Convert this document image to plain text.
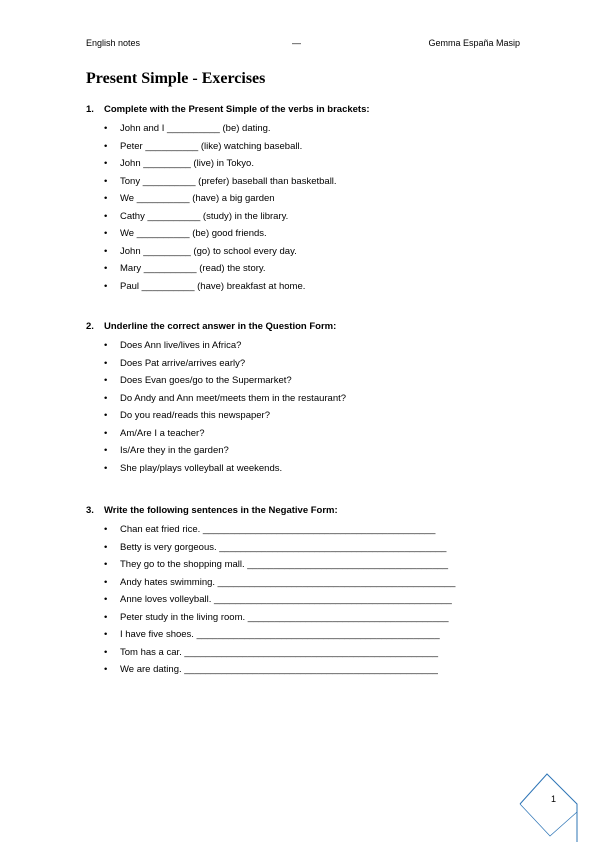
English notes	—	Gemma España Masip
Present Simple - Exercises
1. Complete with the Present Simple of the verbs in brackets:
• John and I __________ (be) dating.
• Peter __________ (like) watching baseball.
• John _________ (live) in Tokyo.
• Tony __________ (prefer) baseball than basketball.
• We __________ (have) a big garden
• Cathy __________ (study) in the library.
• We __________ (be) good friends.
• John _________ (go) to school every day.
• Mary __________ (read) the story.
• Paul __________ (have) breakfast at home.
2. Underline the correct answer in the Question Form:
• Does Ann live/lives in Africa?
• Does Pat arrive/arrives early?
• Does Evan goes/go to the Supermarket?
• Do Andy and Ann meet/meets them in the restaurant?
• Do you read/reads this newspaper?
• Am/Are I a teacher?
• Is/Are they in the garden?
• She play/plays volleyball at weekends.
3. Write the following sentences in the Negative Form:
• Chan eat fried rice. ____________________________________________
• Betty is very gorgeous. ___________________________________________
• They go to the shopping mall. ______________________________________
• Andy hates swimming. _____________________________________________
• Anne loves volleyball. _____________________________________________
• Peter study in the living room. ______________________________________
• I have five shoes. ______________________________________________
• Tom has a car. ________________________________________________
• We are dating. ________________________________________________
1
